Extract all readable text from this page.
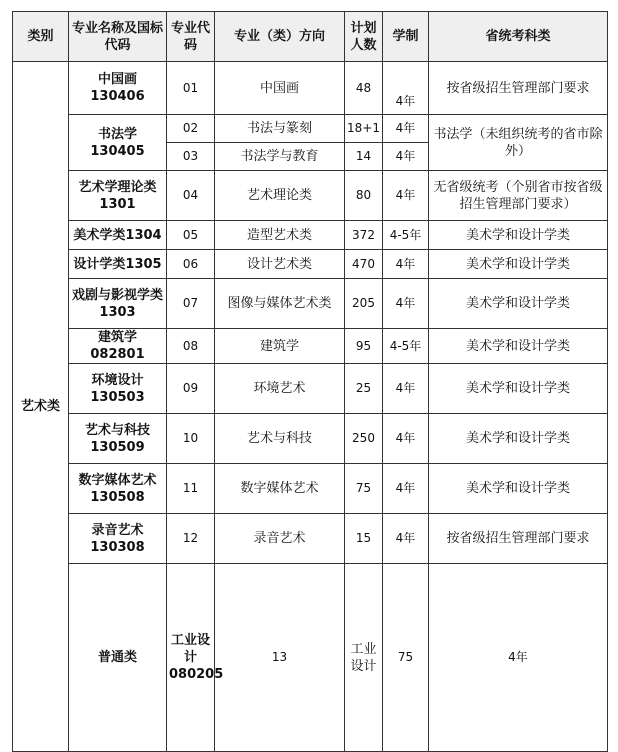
类别	专业名称及国标代码	专业代码	专业（类）方向	计划人数	学制	省统考科类	
艺术类	中国画130406	01	中国画	48	4年	按省级招生管理部门要求	
	书法学130405	02	书法与篆刻	18+1	4年	书法学（未组织统考的省市除外）	
		03	书法学与教育	14	4年		
	艺术学理论类1301	04	艺术理论类	80	4年	无省级统考（个别省市按省级招生管理部门要求）	
	美术学类1304	05	造型艺术类	372	4-5年	美术学和设计学类	
	设计学类1305	06	设计艺术类	470	4年	美术学和设计学类	
	戏剧与影视学类1303	07	图像与媒体艺术类	205	4年	美术学和设计学类	
	建筑学082801	08	建筑学	95	4-5年	美术学和设计学类	
	环境设计130503	09	环境艺术	25	4年	美术学和设计学类	
	艺术与科技130509	10	艺术与科技	250	4年	美术学和设计学类	
	数字媒体艺术130508	11	数字媒体艺术	75	4年	美术学和设计学类	
	录音艺术130308	12	录音艺术	15	4年	按省级招生管理部门要求	
	普通类	工业设计080205	13	工业设计	75	4年	
